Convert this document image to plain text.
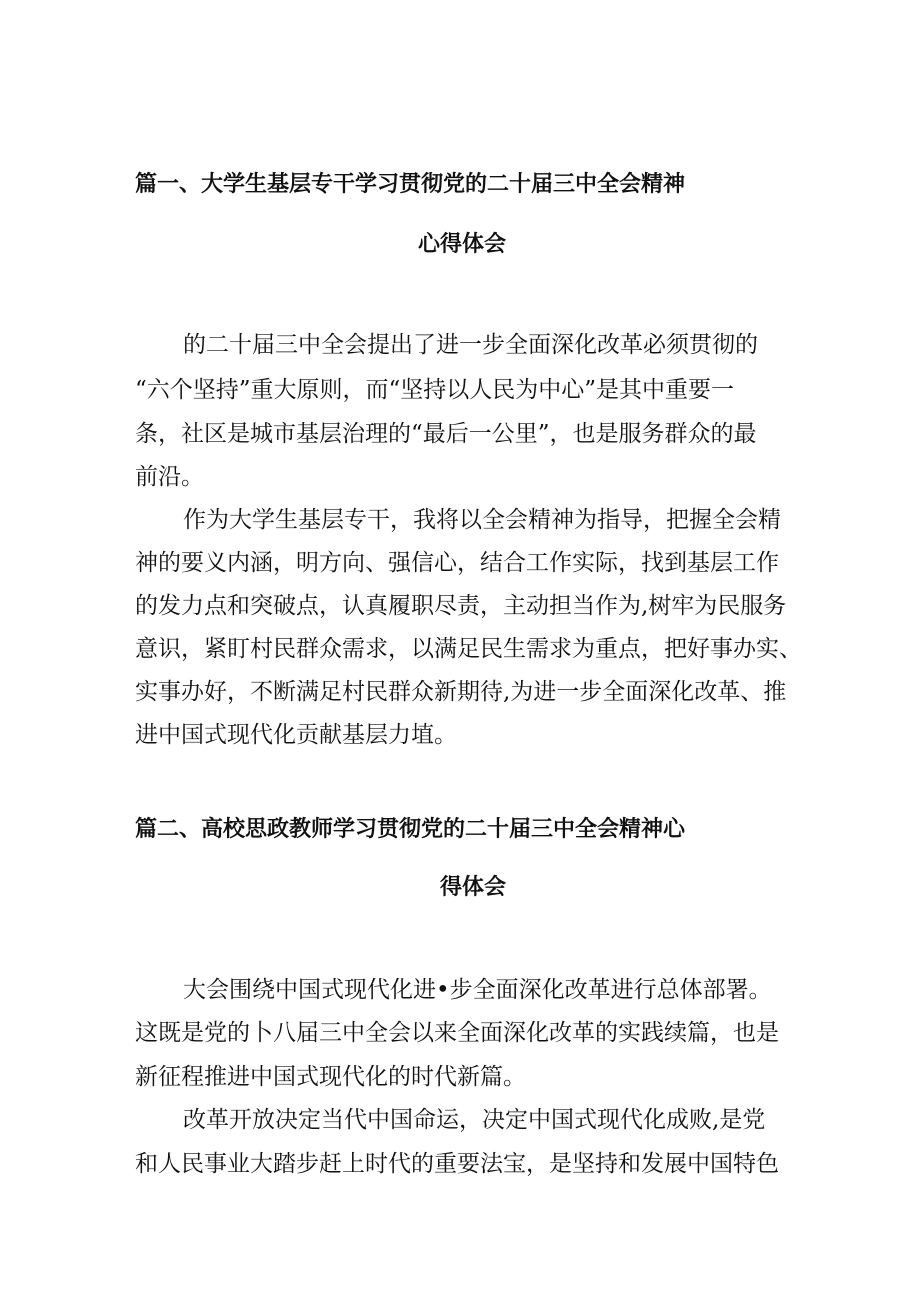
篇一、大学生基层专干学习贯彻党的二十届三中全会精神
心得体会
的二十届三中全会提出了进一步全面深化改革必须贯彻的
“六个坚持”重大原则，而“坚持以人民为中心”是其中重要一
条，社区是城市基层治理的“最后一公里”，也是服务群众的最
前沿。
作为大学生基层专干，我将以全会精神为指导，把握全会精
神的要义内涵，明方向、强信心，结合工作实际，找到基层工作
的发力点和突破点，认真履职尽责，主动担当作为,树牢为民服务
意识，紧盯村民群众需求，以满足民生需求为重点，把好事办实、
实事办好，不断满足村民群众新期待,为进一步全面深化改革、推
进中国式现代化贡献基层力埴。
篇二、高校思政教师学习贯彻党的二十届三中全会精神心
得体会
大会围绕中国式现代化进•步全面深化改革进行总体部署。
这既是党的卜八届三中全会以来全面深化改革的实践续篇，也是
新征程推进中国式现代化的时代新篇。
改革开放决定当代中国命运，决定中国式现代化成败,是党
和人民事业大踏步赶上时代的重要法宝，是坚持和发展中国特色
